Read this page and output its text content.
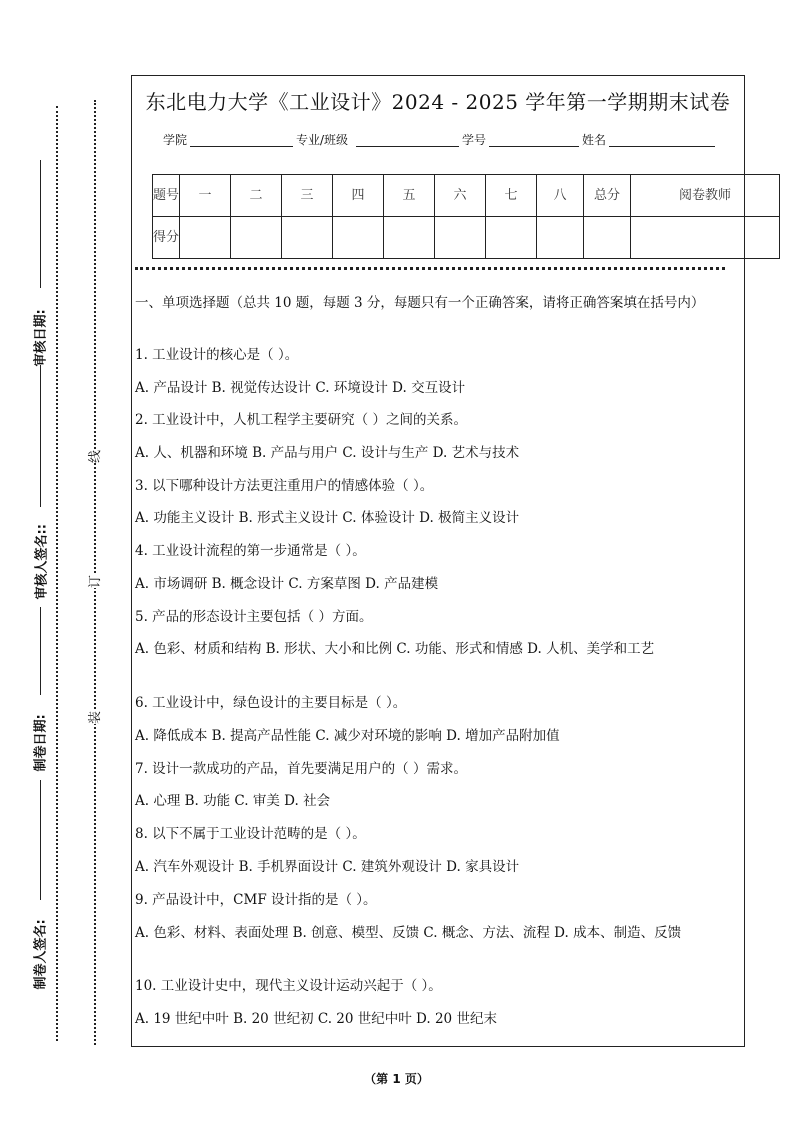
审核日期:
审核人签名::
制卷日期:
制卷人签名:
线
订
装
东北电力大学《工业设计》2024 - 2025 学年第一学期期末试卷
学院	专业/班级	学号	姓名
题号	一	二	三	四	五	六	七	八	总分	阅卷教师
得分										
一、单项选择题（总共 10 题，每题 3 分，每题只有一个正确答案，请将正确答案填在括号内）
1. 工业设计的核心是（ ）。
A. 产品设计 B. 视觉传达设计 C. 环境设计 D. 交互设计
2. 工业设计中，人机工程学主要研究（ ）之间的关系。
A. 人、机器和环境 B. 产品与用户 C. 设计与生产 D. 艺术与技术
3. 以下哪种设计方法更注重用户的情感体验（ ）。
A. 功能主义设计 B. 形式主义设计 C. 体验设计 D. 极简主义设计
4. 工业设计流程的第一步通常是（ ）。
A. 市场调研 B. 概念设计 C. 方案草图 D. 产品建模
5. 产品的形态设计主要包括（ ）方面。
A. 色彩、材质和结构 B. 形状、大小和比例 C. 功能、形式和情感 D. 人机、美学和工艺
6. 工业设计中，绿色设计的主要目标是（ ）。
A. 降低成本 B. 提高产品性能 C. 减少对环境的影响 D. 增加产品附加值
7. 设计一款成功的产品，首先要满足用户的（ ）需求。
A. 心理 B. 功能 C. 审美 D. 社会
8. 以下不属于工业设计范畴的是（ ）。
A. 汽车外观设计 B. 手机界面设计 C. 建筑外观设计 D. 家具设计
9. 产品设计中，CMF 设计指的是（ ）。
A. 色彩、材料、表面处理 B. 创意、模型、反馈 C. 概念、方法、流程 D. 成本、制造、反馈
10. 工业设计史中，现代主义设计运动兴起于（ ）。
A. 19 世纪中叶 B. 20 世纪初 C. 20 世纪中叶 D. 20 世纪末
（第 1 页）
